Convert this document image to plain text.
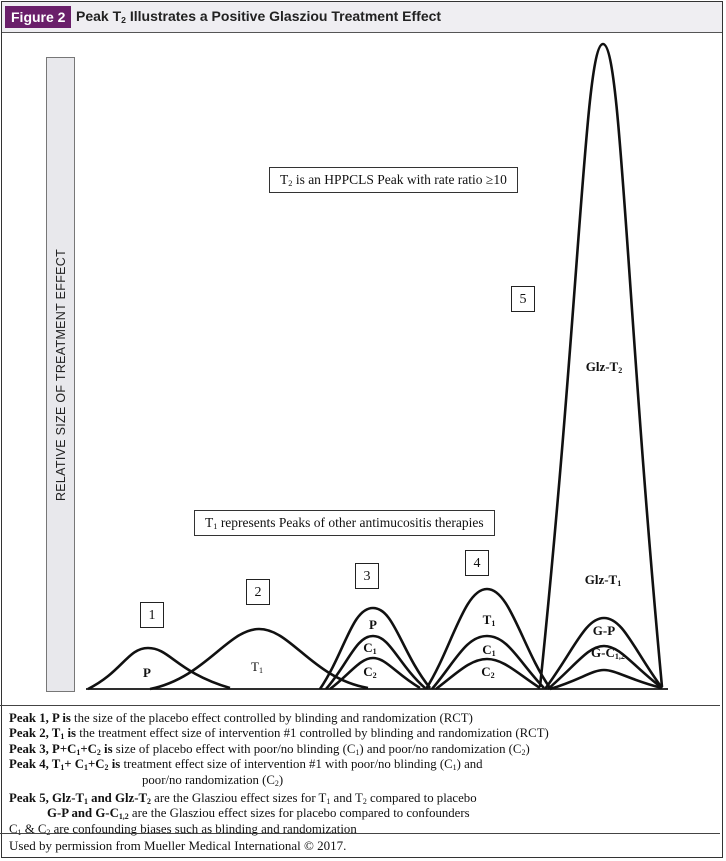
Figure 2 Peak $T_2$ Illustrates a Positive Glasziou Treatment Effect
RELATIVE SIZE OF TREATMENT EFFECT
1
2
3
4
5
$T_2$ is an HPPCLS Peak with rate ratio ≥10
$T_1$ represents Peaks of other antimucositis therapies
P	$T_1$
P
$C_1$
$C_2$
$T_1$
$C_1$
$C_2$
Glz-$T_2$
Glz-$T_1$
G-P
$G-C_{1,2}$
Peak 1, P is the size of the placebo effect controlled by blinding and randomization (RCT)
Peak 2, $T_1$ is the treatment effect size of intervention #1 controlled by blinding and randomization (RCT)
Peak 3, $P+C_1+C_2$ is size of placebo effect with poor/no blinding $(C_1)$ and poor/no randomization $(C_2)$
Peak 4, $T_1+ C_1+C_2$ is treatment effect size of intervention #1 with poor/no blinding $(C_1)$ and
poor/no randomization $(C_2)$
Peak 5, Glz-$T_1$ and Glz-$T_2$ are the Glasziou effect sizes for $T_1$ and $T_2$ compared to placebo
G-P and $G-C_{1,2}$ are the Glasziou effect sizes for placebo compared to confounders
$C_1$ & $C_2$ are confounding biases such as blinding and randomization
Used by permission from Mueller Medical International © 2017.
